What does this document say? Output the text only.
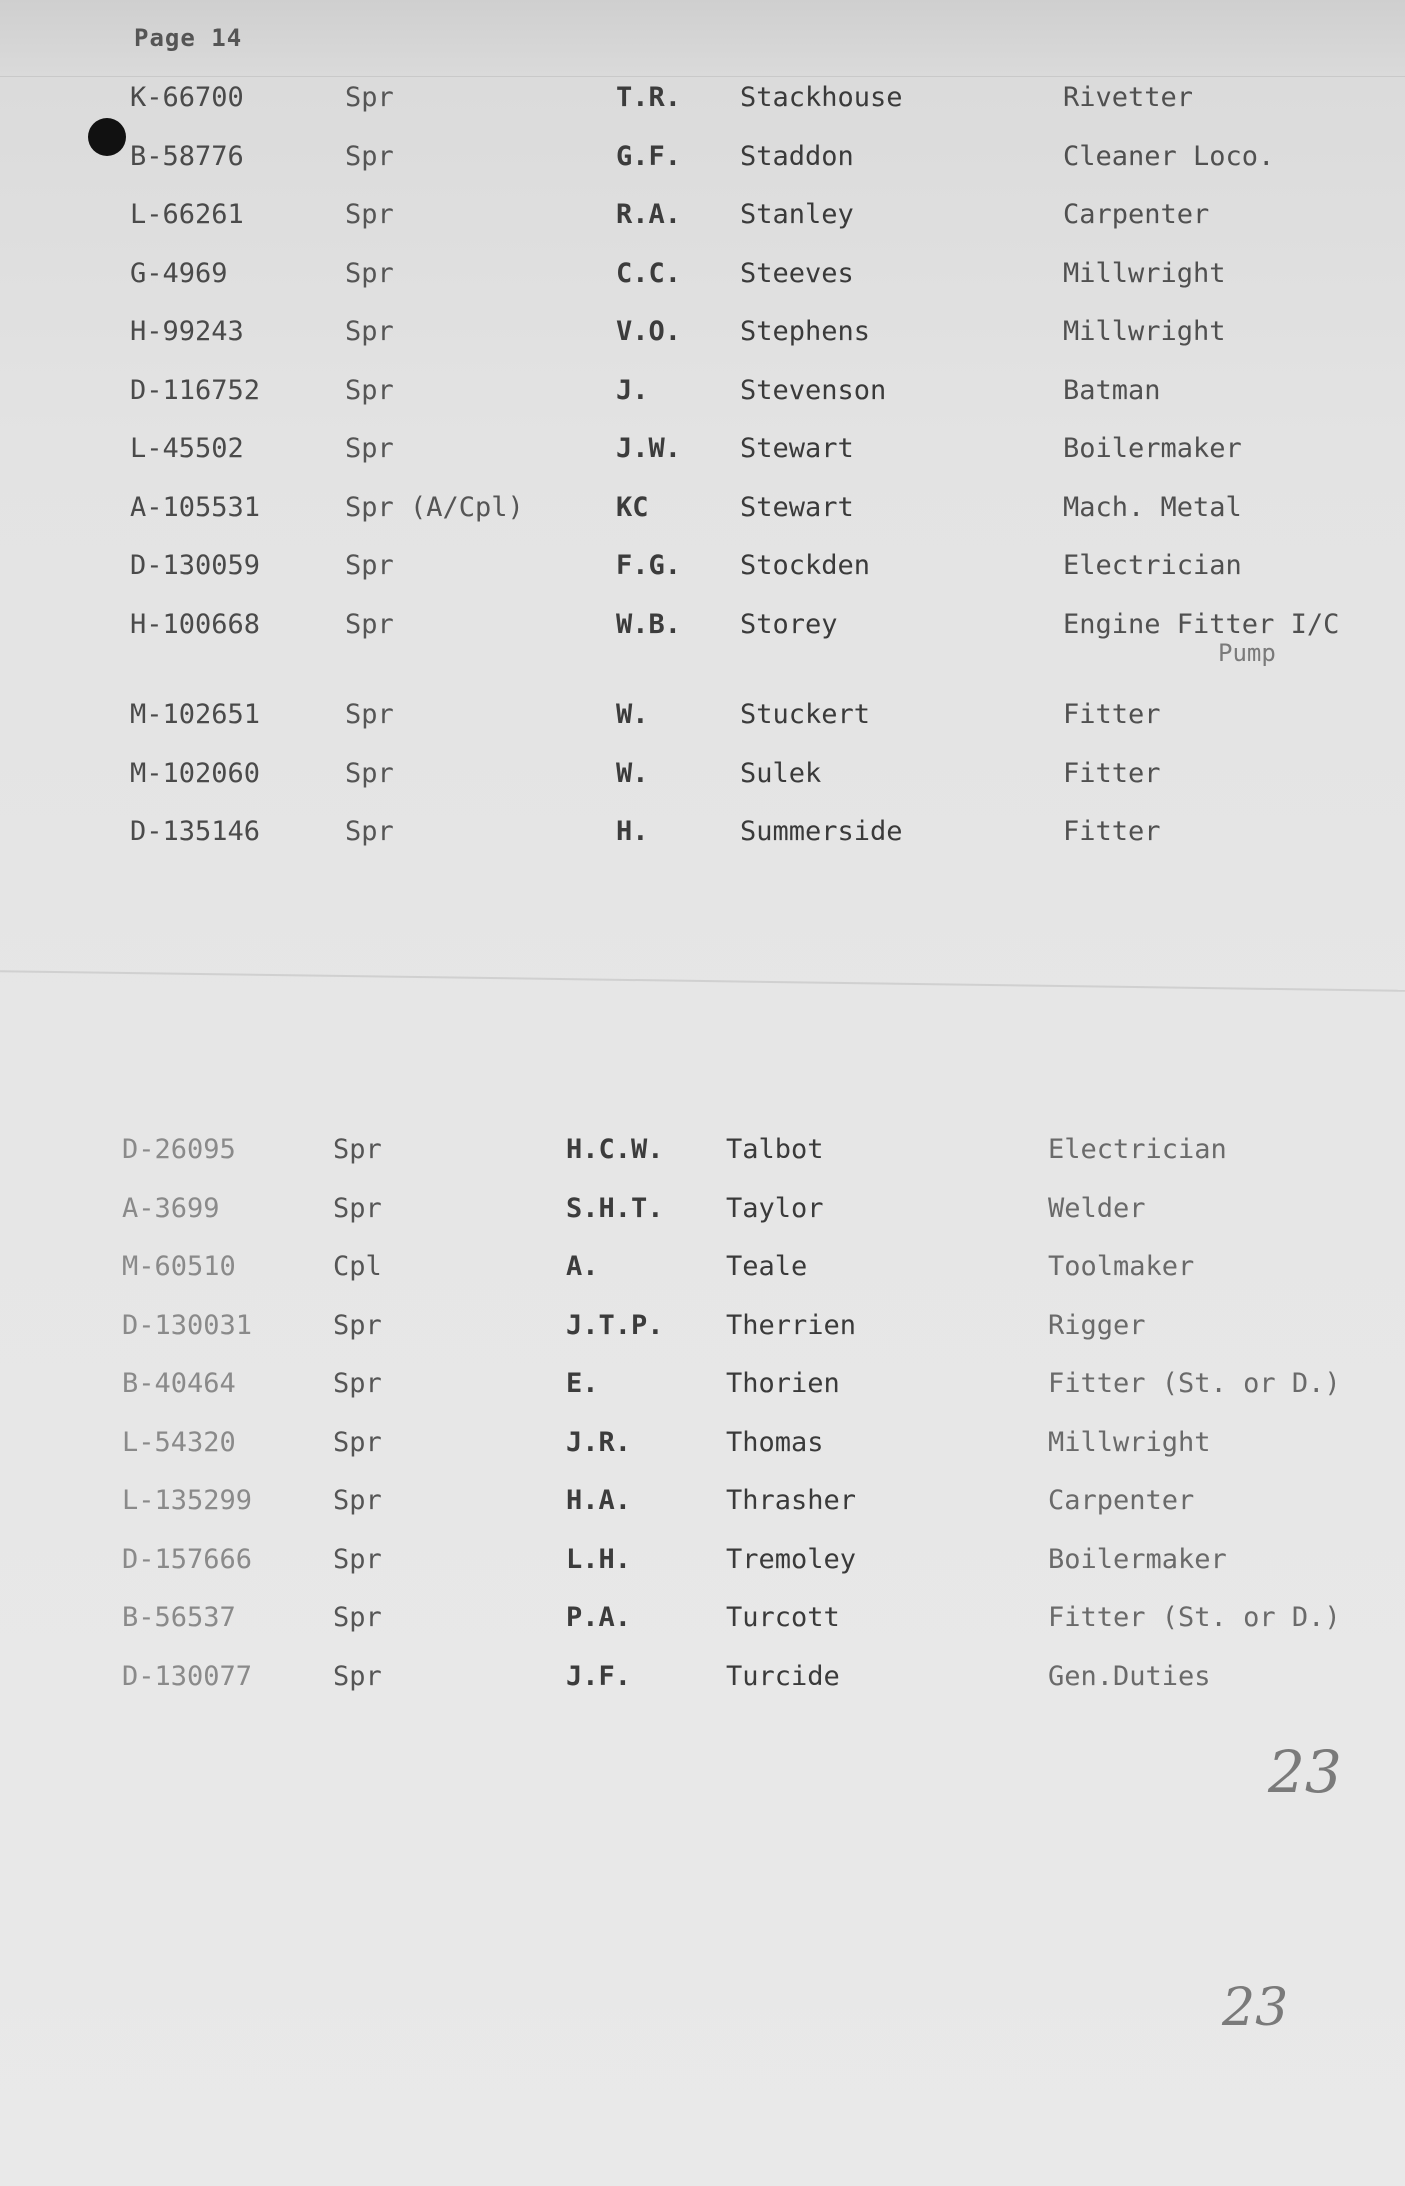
Page 14
K-66700	Spr	T.R. Stackhouse	Rivetter
B-58776	Spr	G.F. Staddon	Cleaner Loco.
L-66261	Spr	R.A. Stanley	Carpenter
G-4969	Spr	C.C. Steeves	Millwright
H-99243	Spr	V.O. Stephens	Millwright
D-116752	Spr	J.	Stevenson	Batman
L-45502	Spr	J.W. Stewart	Boilermaker
A-105531	Spr (A/Cpl)	KC	Stewart	Mach. Metal
D-130059	Spr	F.G. Stockden	Electrician
H-100668	Spr	W.B. Storey	Engine Fitter I/C
Pump
M-102651	Spr	W.	Stuckert	Fitter
M-102060	Spr	W.	Sulek	Fitter
D-135146	Spr	H.	Summerside	Fitter
D-26095	Spr	H.C.W. Talbot	Electrician
A-3699	Spr	S.H.T. Taylor	Welder
M-60510	Cpl	A.	Teale	Toolmaker
D-130031	Spr	J.T.P. Therrien	Rigger
B-40464	Spr	E.	Thorien	Fitter (St. or D.)
L-54320	Spr	J.R.	Thomas	Millwright
L-135299	Spr	H.A.	Thrasher	Carpenter
D-157666	Spr	L.H.	Tremoley	Boilermaker
B-56537	Spr	P.A.	Turcott	Fitter (St. or D.)
D-130077	Spr	J.F.	Turcide	Gen.Duties
23
23
